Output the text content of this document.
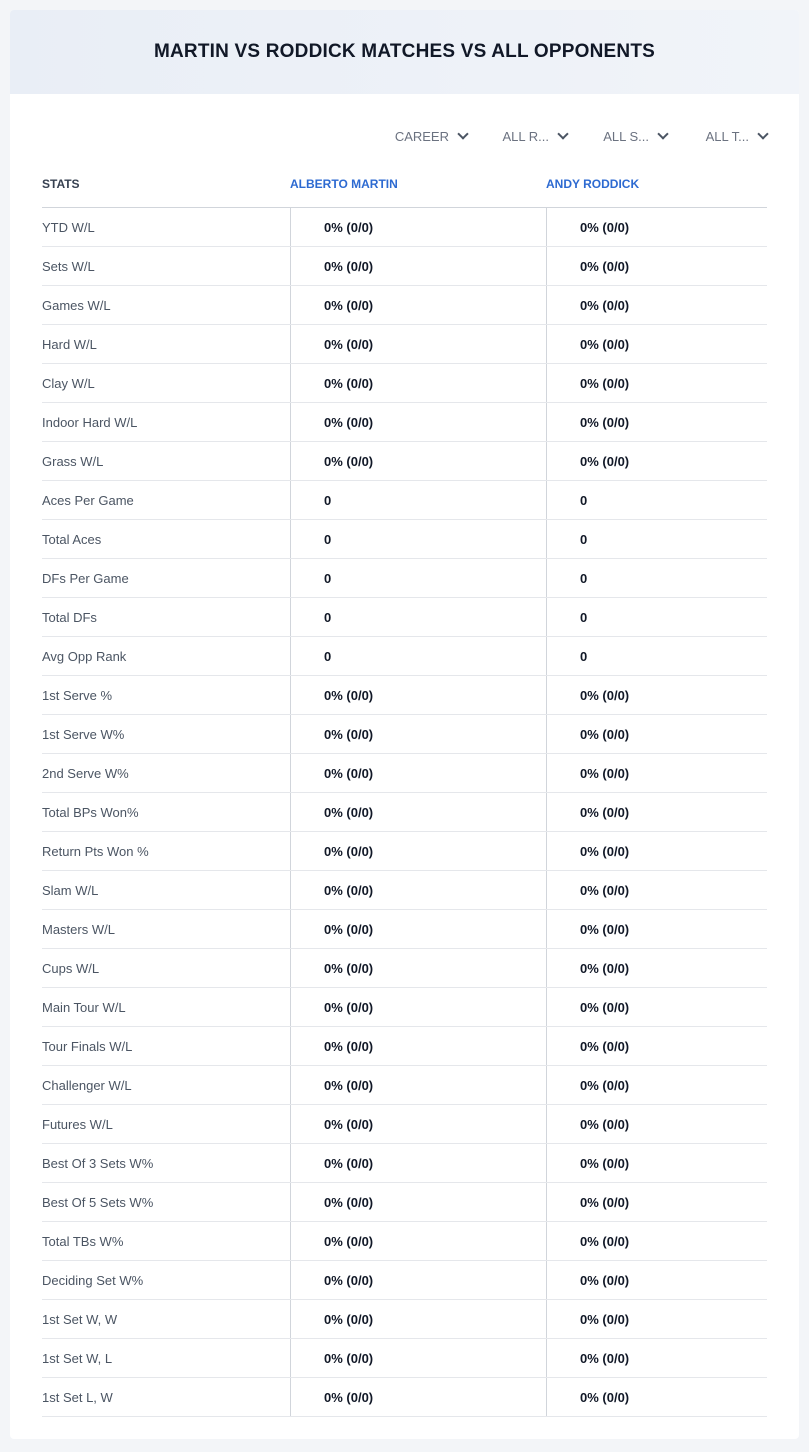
MARTIN VS RODDICK MATCHES VS ALL OPPONENTS
CAREER	ALL R...	ALL S...	ALL T...
STATS	ALBERTO MARTIN	ANDY RODDICK
YTD W/L	0% (0/0)	0% (0/0)
Sets W/L	0% (0/0)	0% (0/0)
Games W/L	0% (0/0)	0% (0/0)
Hard W/L	0% (0/0)	0% (0/0)
Clay W/L	0% (0/0)	0% (0/0)
Indoor Hard W/L	0% (0/0)	0% (0/0)
Grass W/L	0% (0/0)	0% (0/0)
Aces Per Game	0	0
Total Aces	0	0
DFs Per Game	0	0
Total DFs	0	0
Avg Opp Rank	0	0
1st Serve %	0% (0/0)	0% (0/0)
1st Serve W%	0% (0/0)	0% (0/0)
2nd Serve W%	0% (0/0)	0% (0/0)
Total BPs Won%	0% (0/0)	0% (0/0)
Return Pts Won %	0% (0/0)	0% (0/0)
Slam W/L	0% (0/0)	0% (0/0)
Masters W/L	0% (0/0)	0% (0/0)
Cups W/L	0% (0/0)	0% (0/0)
Main Tour W/L	0% (0/0)	0% (0/0)
Tour Finals W/L	0% (0/0)	0% (0/0)
Challenger W/L	0% (0/0)	0% (0/0)
Futures W/L	0% (0/0)	0% (0/0)
Best Of 3 Sets W%	0% (0/0)	0% (0/0)
Best Of 5 Sets W%	0% (0/0)	0% (0/0)
Total TBs W%	0% (0/0)	0% (0/0)
Deciding Set W%	0% (0/0)	0% (0/0)
1st Set W, W	0% (0/0)	0% (0/0)
1st Set W, L	0% (0/0)	0% (0/0)
1st Set L, W	0% (0/0)	0% (0/0)
